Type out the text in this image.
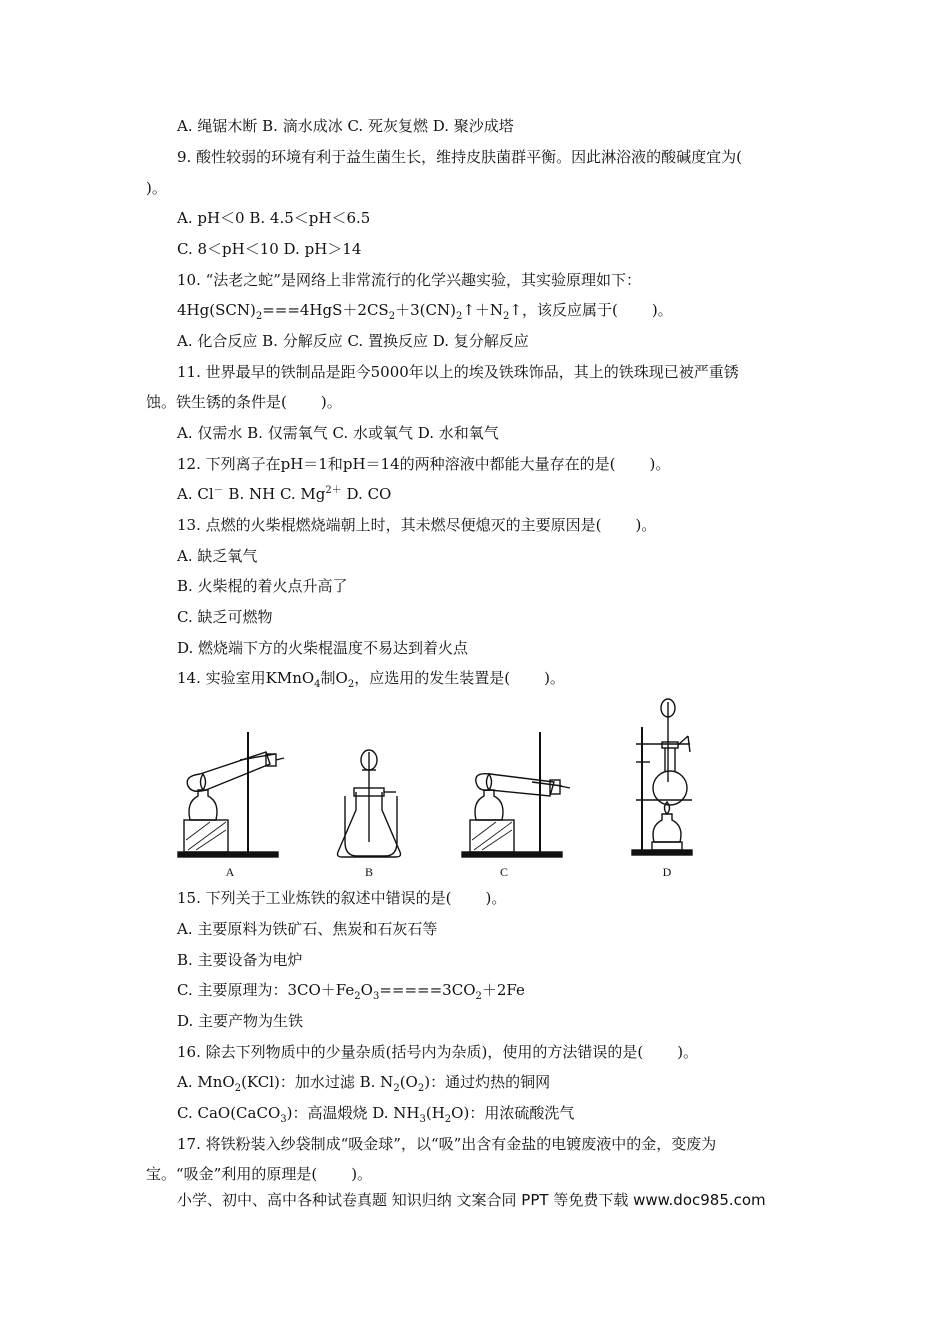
A. 绳锯木断 B. 滴水成冰 C. 死灰复燃 D. 聚沙成塔
9. 酸性较弱的环境有利于益生菌生长，维持皮肤菌群平衡。因此淋浴液的酸碱度宜为(
)。
A. pH＜0 B. 4.5＜pH＜6.5
C. 8＜pH＜10 D. pH＞14
10. “法老之蛇”是网络上非常流行的化学兴趣实验，其实验原理如下：
$4Hg(SCN)_2===4HgS+2CS_2+3(CN)_2↑+N_2↑$，该反应属于( )。
A. 化合反应 B. 分解反应 C. 置换反应 D. 复分解反应
11. 世界最早的铁制品是距今5000年以上的埃及铁珠饰品，其上的铁珠现已被严重锈
蚀。铁生锈的条件是( )。
A. 仅需水 B. 仅需氧气 C. 水或氧气 D. 水和氧气
12. 下列离子在pH＝1和pH＝14的两种溶液中都能大量存在的是( )。
A. Cl－ B. NH C. $Mg^{2+}$ D. CO
13. 点燃的火柴棍燃烧端朝上时，其未燃尽便熄灭的主要原因是( )。
A. 缺乏氧气
B. 火柴棍的着火点升高了
C. 缺乏可燃物
D. 燃烧端下方的火柴棍温度不易达到着火点
14. 实验室用KMnO$_4$制$O_2$，应选用的发生装置是( )。
A	B	C	D
15. 下列关于工业炼铁的叙述中错误的是( )。
A. 主要原料为铁矿石、焦炭和石灰石等
B. 主要设备为电炉
C. 主要原理为：$3CO+Fe_2O_3=====3CO_2+2Fe$
D. 主要产物为生铁
16. 除去下列物质中的少量杂质(括号内为杂质)，使用的方法错误的是( )。
A. MnO$_2$(KCl)：加水过滤 B. $N_2(O_2)$：通过灼热的铜网
C. CaO(CaCO$_3$)：高温煅烧 D. $NH_3(H_2O)$：用浓硫酸洗气
17. 将铁粉装入纱袋制成“吸金球”，以“吸”出含有金盐的电镀废液中的金，变废为
宝。“吸金”利用的原理是( )。
小学、初中、高中各种试卷真题 知识归纳 文案合同 PPT 等免费下载 www.doc985.com
